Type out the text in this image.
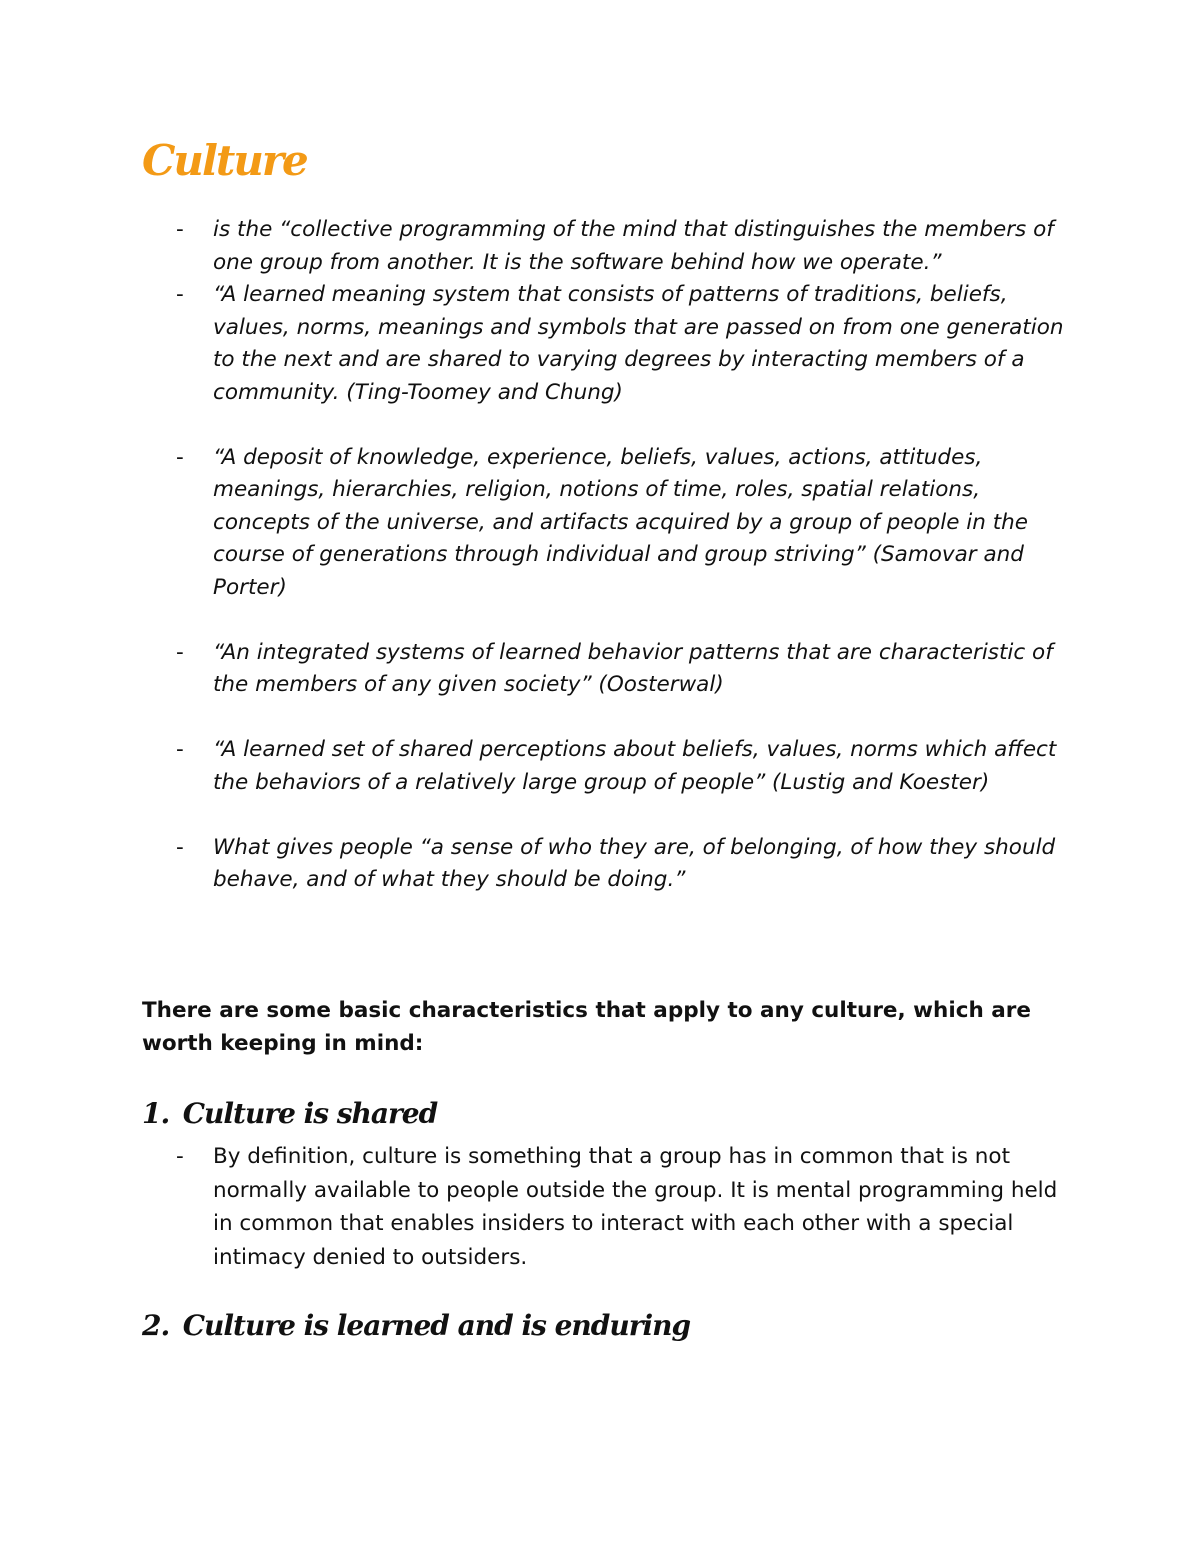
Culture
- is the “collective programming of the mind that distinguishes the members of one group from another. It is the software behind how we operate.”
- “A learned meaning system that consists of patterns of traditions, beliefs, values, norms, meanings and symbols that are passed on from one generation to the next and are shared to varying degrees by interacting members of a community. (Ting-Toomey and Chung)
- “A deposit of knowledge, experience, beliefs, values, actions, attitudes, meanings, hierarchies, religion, notions of time, roles, spatial relations, concepts of the universe, and artifacts acquired by a group of people in the course of generations through individual and group striving” (Samovar and Porter)
- “An integrated systems of learned behavior patterns that are characteristic of the members of any given society” (Oosterwal)
- “A learned set of shared perceptions about beliefs, values, norms which affect the behaviors of a relatively large group of people” (Lustig and Koester)
- What gives people “a sense of who they are, of belonging, of how they should behave, and of what they should be doing.”

There are some basic characteristics that apply to any culture, which are worth keeping in mind:

1. Culture is shared
- By definition, culture is something that a group has in common that is not normally available to people outside the group. It is mental programming held in common that enables insiders to interact with each other with a special intimacy denied to outsiders.
2. Culture is learned and is enduring
